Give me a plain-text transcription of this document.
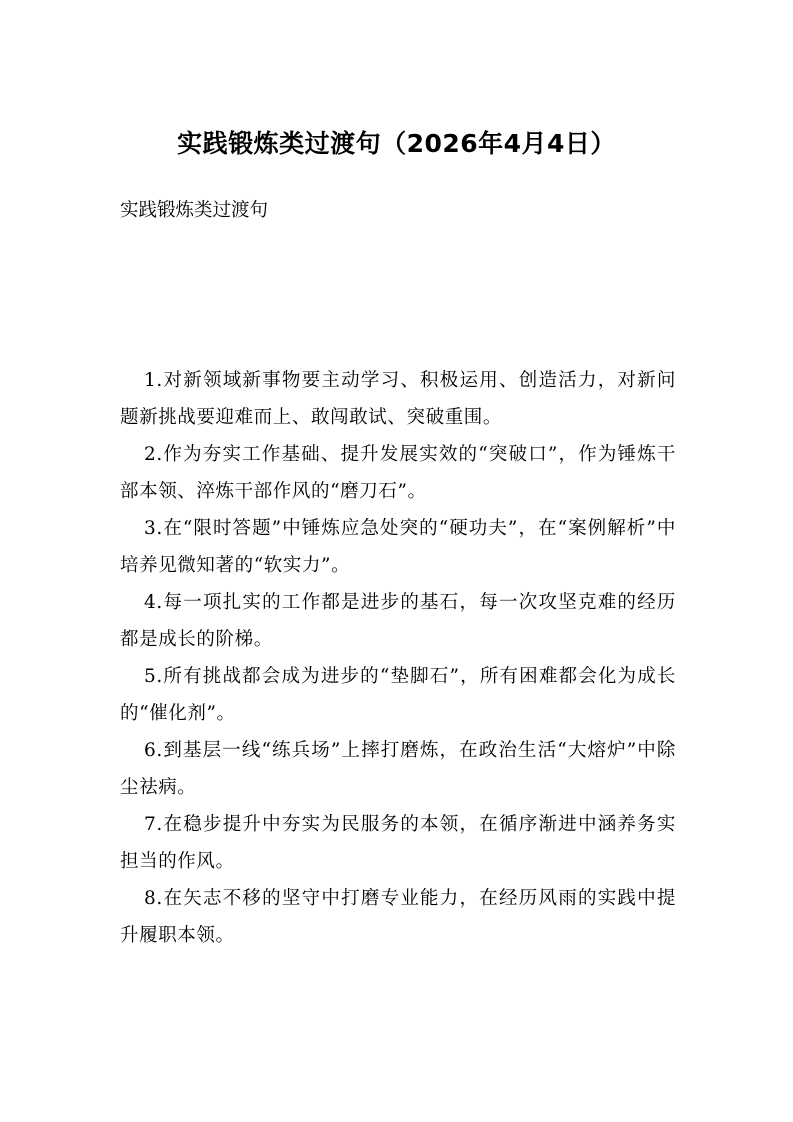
实践锻炼类过渡句（2026年4月4日）

实践锻炼类过渡句

1.对新领域新事物要主动学习、积极运用、创造活力，对新问题新挑战要迎难而上、敢闯敢试、突破重围。

2.作为夯实工作基础、提升发展实效的“突破口”，作为锤炼干部本领、淬炼干部作风的“磨刀石”。

3.在“限时答题”中锤炼应急处突的“硬功夫”，在“案例解析”中培养见微知著的“软实力”。

4.每一项扎实的工作都是进步的基石，每一次攻坚克难的经历都是成长的阶梯。

5.所有挑战都会成为进步的“垫脚石”，所有困难都会化为成长的“催化剂”。

6.到基层一线“练兵场”上摔打磨炼，在政治生活“大熔炉”中除尘祛病。

7.在稳步提升中夯实为民服务的本领，在循序渐进中涵养务实担当的作风。

8.在矢志不移的坚守中打磨专业能力，在经历风雨的实践中提升履职本领。
